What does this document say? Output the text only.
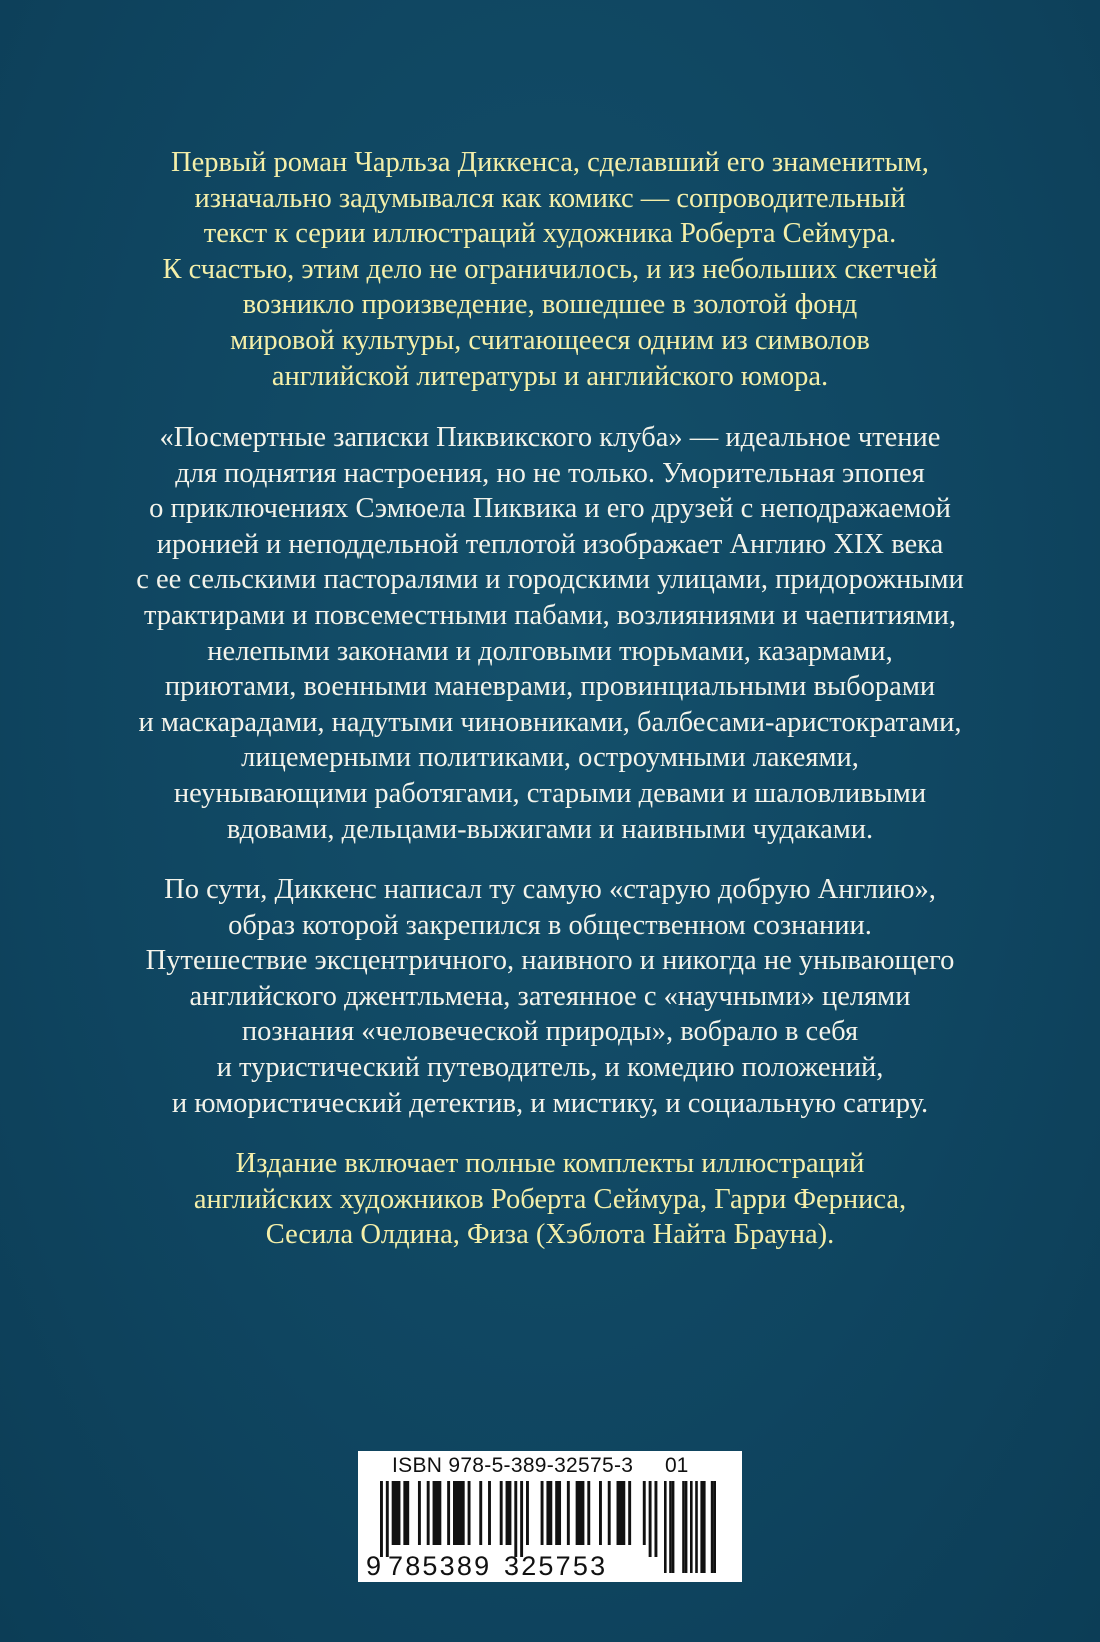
Первый роман Чарльза Диккенса, сделавший его знаменитым,
изначально задумывался как комикс — сопроводительный
текст к серии иллюстраций художника Роберта Сеймура.
К счастью, этим дело не ограничилось, и из небольших скетчей
возникло произведение, вошедшее в золотой фонд
мировой культуры, считающееся одним из символов
английской литературы и английского юмора.
«Посмертные записки Пиквикского клуба» — идеальное чтение
для поднятия настроения, но не только. Уморительная эпопея
о приключениях Сэмюела Пиквика и его друзей с неподражаемой
иронией и неподдельной теплотой изображает Англию XIX века
с ее сельскими пасторалями и городскими улицами, придорожными
трактирами и повсеместными пабами, возлияниями и чаепитиями,
нелепыми законами и долговыми тюрьмами, казармами,
приютами, военными маневрами, провинциальными выборами
и маскарадами, надутыми чиновниками, балбесами-аристократами,
лицемерными политиками, остроумными лакеями,
неунывающими работягами, старыми девами и шаловливыми
вдовами, дельцами-выжигами и наивными чудаками.
По сути, Диккенс написал ту самую «старую добрую Англию»,
образ которой закрепился в общественном сознании.
Путешествие эксцентричного, наивного и никогда не унывающего
английского джентльмена, затеянное с «научными» целями
познания «человеческой природы», вобрало в себя
и туристический путеводитель, и комедию положений,
и юмористический детектив, и мистику, и социальную сатиру.
Издание включает полные комплекты иллюстраций
английских художников Роберта Сеймура, Гарри Ферниса,
Сесила Олдина, Физа (Хэблота Найта Брауна).
ISBN 978-5-389-32575-3 01
9 785389 325753
